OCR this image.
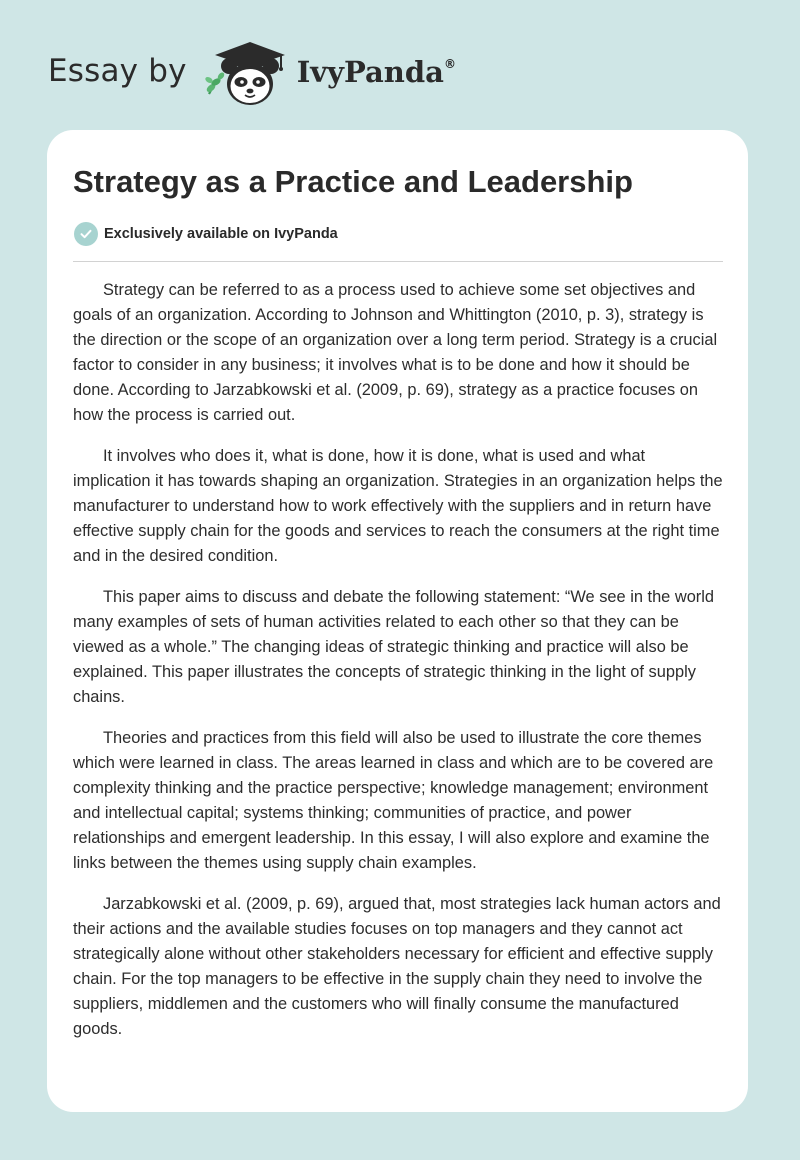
Essay by	IvyPanda®
Strategy as a Practice and Leadership
Exclusively available on IvyPanda

Strategy can be referred to as a process used to achieve some set objectives and goals of an organization. According to Johnson and Whittington (2010, p. 3), strategy is the direction or the scope of an organization over a long term period. Strategy is a crucial factor to consider in any business; it involves what is to be done and how it should be done. According to Jarzabkowski et al. (2009, p. 69), strategy as a practice focuses on how the process is carried out.

It involves who does it, what is done, how it is done, what is used and what implication it has towards shaping an organization. Strategies in an organization helps the manufacturer to understand how to work effectively with the suppliers and in return have effective supply chain for the goods and services to reach the consumers at the right time and in the desired condition.

This paper aims to discuss and debate the following statement: “We see in the world many examples of sets of human activities related to each other so that they can be viewed as a whole.” The changing ideas of strategic thinking and practice will also be explained. This paper illustrates the concepts of strategic thinking in the light of supply chains.

Theories and practices from this field will also be used to illustrate the core themes which were learned in class. The areas learned in class and which are to be covered are complexity thinking and the practice perspective; knowledge management; environment and intellectual capital; systems thinking; communities of practice, and power relationships and emergent leadership. In this essay, I will also explore and examine the links between the themes using supply chain examples.

Jarzabkowski et al. (2009, p. 69), argued that, most strategies lack human actors and their actions and the available studies focuses on top managers and they cannot act strategically alone without other stakeholders necessary for efficient and effective supply chain. For the top managers to be effective in the supply chain they need to involve the suppliers, middlemen and the customers who will finally consume the manufactured goods.
